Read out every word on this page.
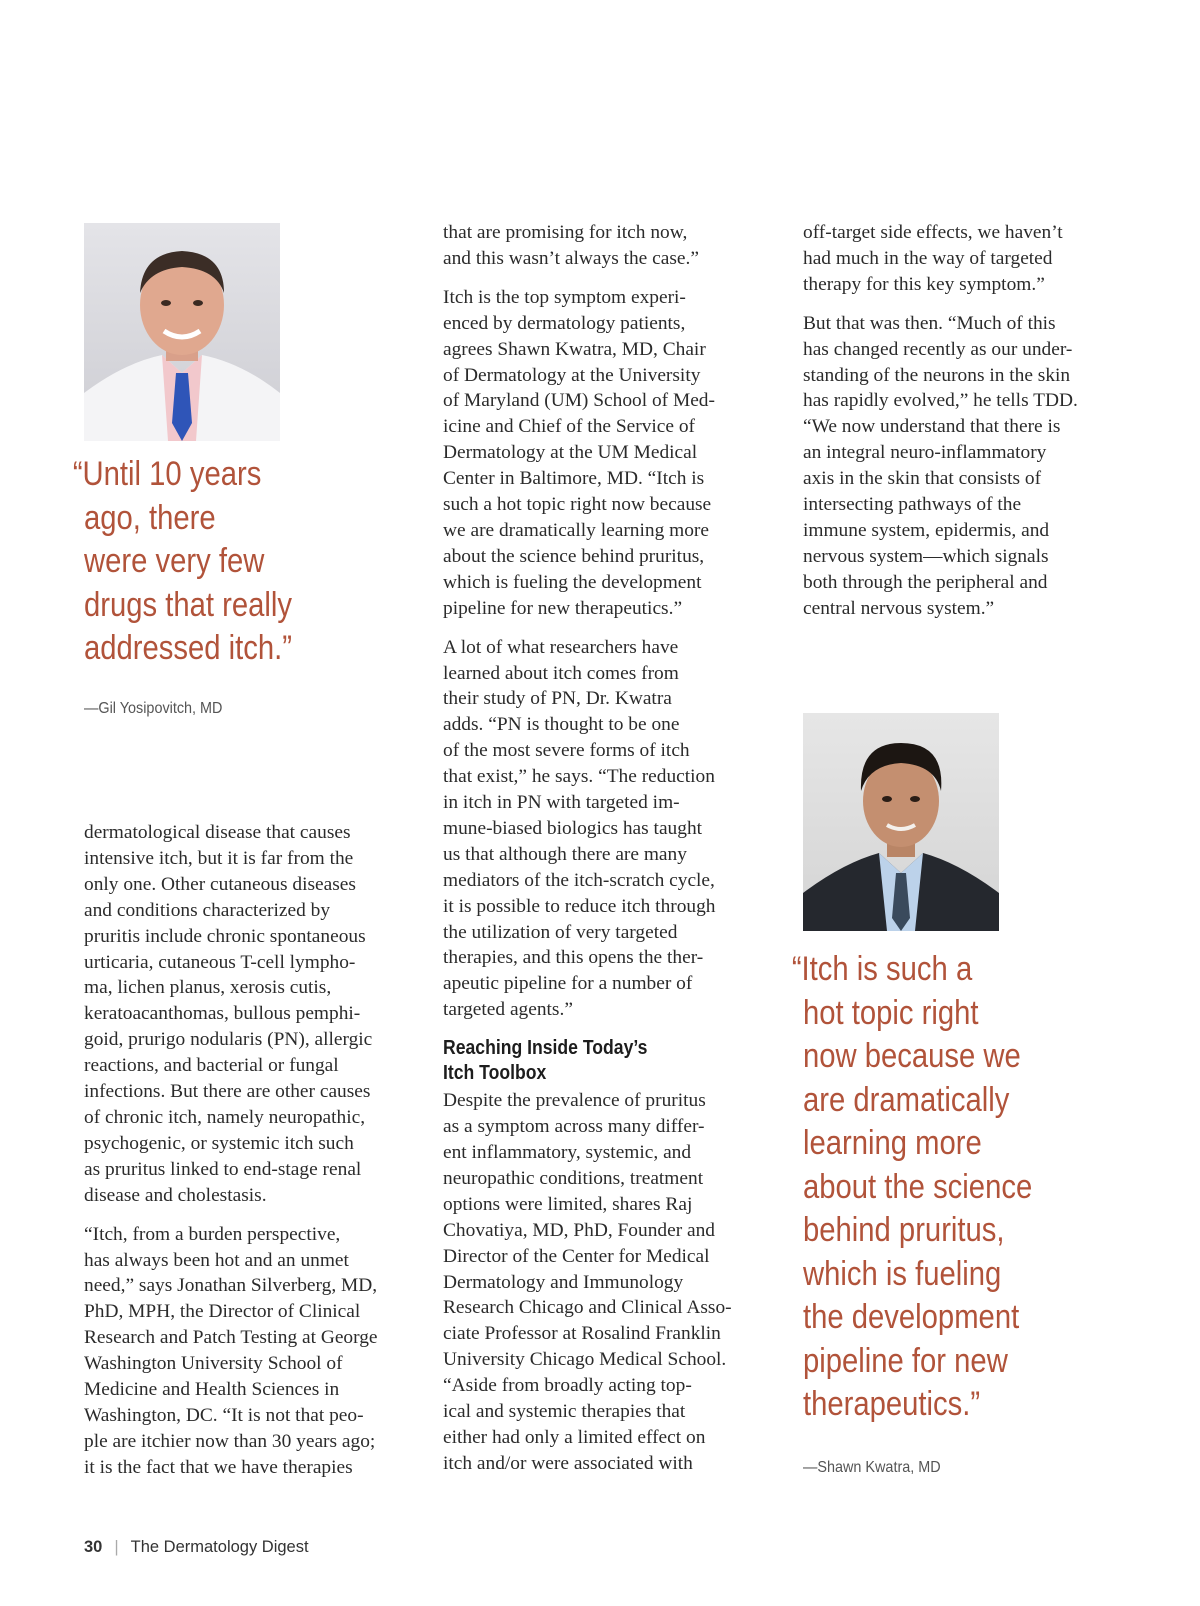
“Until 10 years
ago, there
were very few
drugs that really
addressed itch.”
—Gil Yosipovitch, MD

dermatological disease that causes
intensive itch, but it is far from the
only one. Other cutaneous diseases
and conditions characterized by
pruritis include chronic spontaneous
urticaria, cutaneous T-cell lympho-
ma, lichen planus, xerosis cutis,
keratoacanthomas, bullous pemphi-
goid, prurigo nodularis (PN), allergic
reactions, and bacterial or fungal
infections. But there are other causes
of chronic itch, namely neuropathic,
psychogenic, or systemic itch such
as pruritus linked to end-stage renal
disease and cholestasis.

“Itch, from a burden perspective,
has always been hot and an unmet
need,” says Jonathan Silverberg, MD,
PhD, MPH, the Director of Clinical
Research and Patch Testing at George
Washington University School of
Medicine and Health Sciences in
Washington, DC. “It is not that peo-
ple are itchier now than 30 years ago;
it is the fact that we have therapies

that are promising for itch now,
and this wasn’t always the case.”

Itch is the top symptom experi-
enced by dermatology patients,
agrees Shawn Kwatra, MD, Chair
of Dermatology at the University
of Maryland (UM) School of Med-
icine and Chief of the Service of
Dermatology at the UM Medical
Center in Baltimore, MD. “Itch is
such a hot topic right now because
we are dramatically learning more
about the science behind pruritus,
which is fueling the development
pipeline for new therapeutics.”

A lot of what researchers have
learned about itch comes from
their study of PN, Dr. Kwatra
adds. “PN is thought to be one
of the most severe forms of itch
that exist,” he says. “The reduction
in itch in PN with targeted im-
mune-biased biologics has taught
us that although there are many
mediators of the itch-scratch cycle,
it is possible to reduce itch through
the utilization of very targeted
therapies, and this opens the ther-
apeutic pipeline for a number of
targeted agents.”

Reaching Inside Today’s
Itch Toolbox

Despite the prevalence of pruritus
as a symptom across many differ-
ent inflammatory, systemic, and
neuropathic conditions, treatment
options were limited, shares Raj
Chovatiya, MD, PhD, Founder and
Director of the Center for Medical
Dermatology and Immunology
Research Chicago and Clinical Asso-
ciate Professor at Rosalind Franklin
University Chicago Medical School.
“Aside from broadly acting top-
ical and systemic therapies that
either had only a limited effect on
itch and/or were associated with

off-target side effects, we haven’t
had much in the way of targeted
therapy for this key symptom.”

But that was then. “Much of this
has changed recently as our under-
standing of the neurons in the skin
has rapidly evolved,” he tells TDD.
“We now understand that there is
an integral neuro-inflammatory
axis in the skin that consists of
intersecting pathways of the
immune system, epidermis, and
nervous system—which signals
both through the peripheral and
central nervous system.”

“Itch is such a
hot topic right
now because we
are dramatically
learning more
about the science
behind pruritus,
which is fueling
the development
pipeline for new
therapeutics.”
—Shawn Kwatra, MD
30 | The Dermatology Digest
